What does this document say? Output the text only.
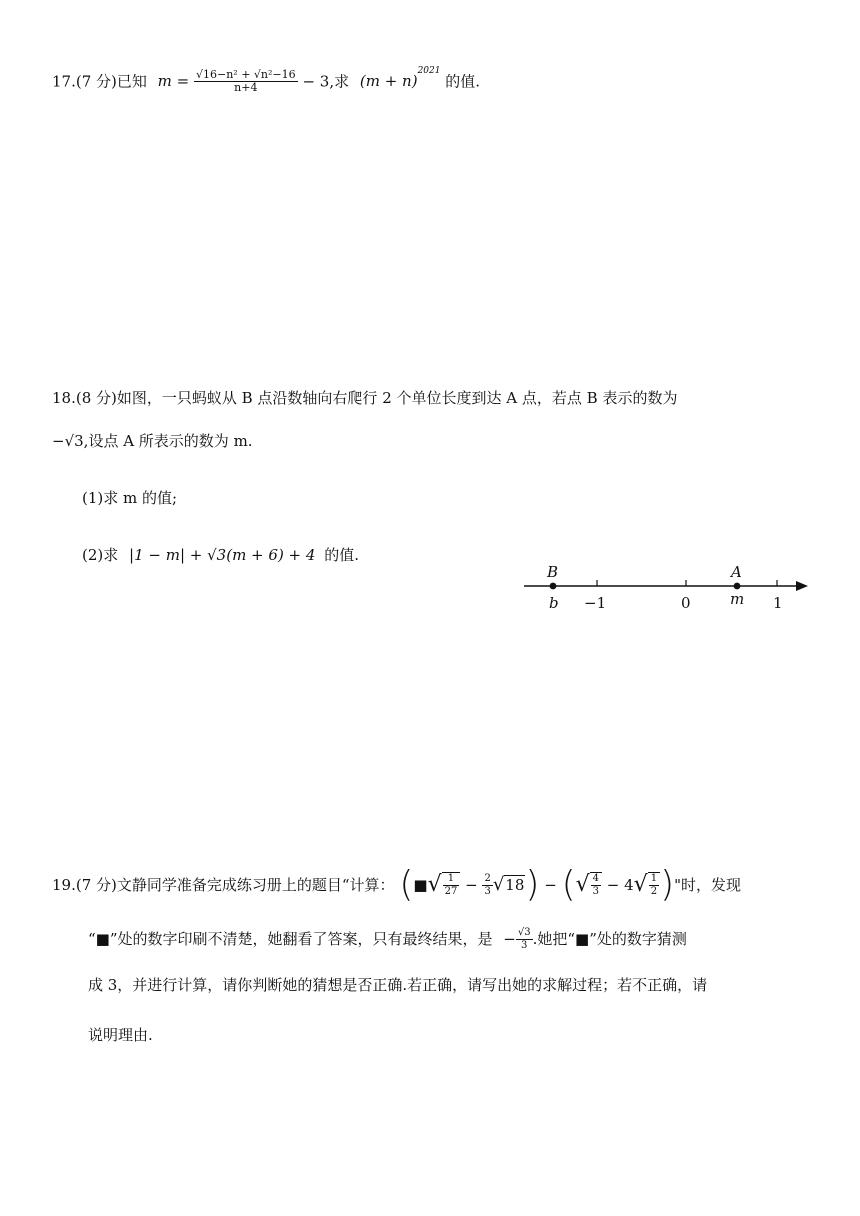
17.(7 分)已知 $m = \frac{\text{√16−n² + √n²−16}}{n+4} - 3$,求 $(m + n)^{2021}$ 的值.
18.(8 分)如图，一只蚂蚁从 B 点沿数轴向右爬行 2 个单位长度到达 A 点，若点 B 表示的数为
−√3,设点 A 所表示的数为 m.
(1)求 m 的值;
(2)求 |1 − m| + √3(m + 6) + 4 的值.
B
b −1	0
A
m 1
19.(7 分)文静同学准备完成练习册上的题目“计算： (■√ $\frac{1}{27} - \frac{2}{3} √18$) − (√ $\frac{4}{3} - 4√ \frac{1}{2}$ )"时，发现
“■”处的数字印刷不清楚，她翻看了答案，只有最终结果，是 − $\frac{√3}{3}$ .她把“■”处的数字猜测
成 3，并进行计算，请你判断她的猜想是否正确.若正确，请写出她的求解过程；若不正确，请
说明理由.
